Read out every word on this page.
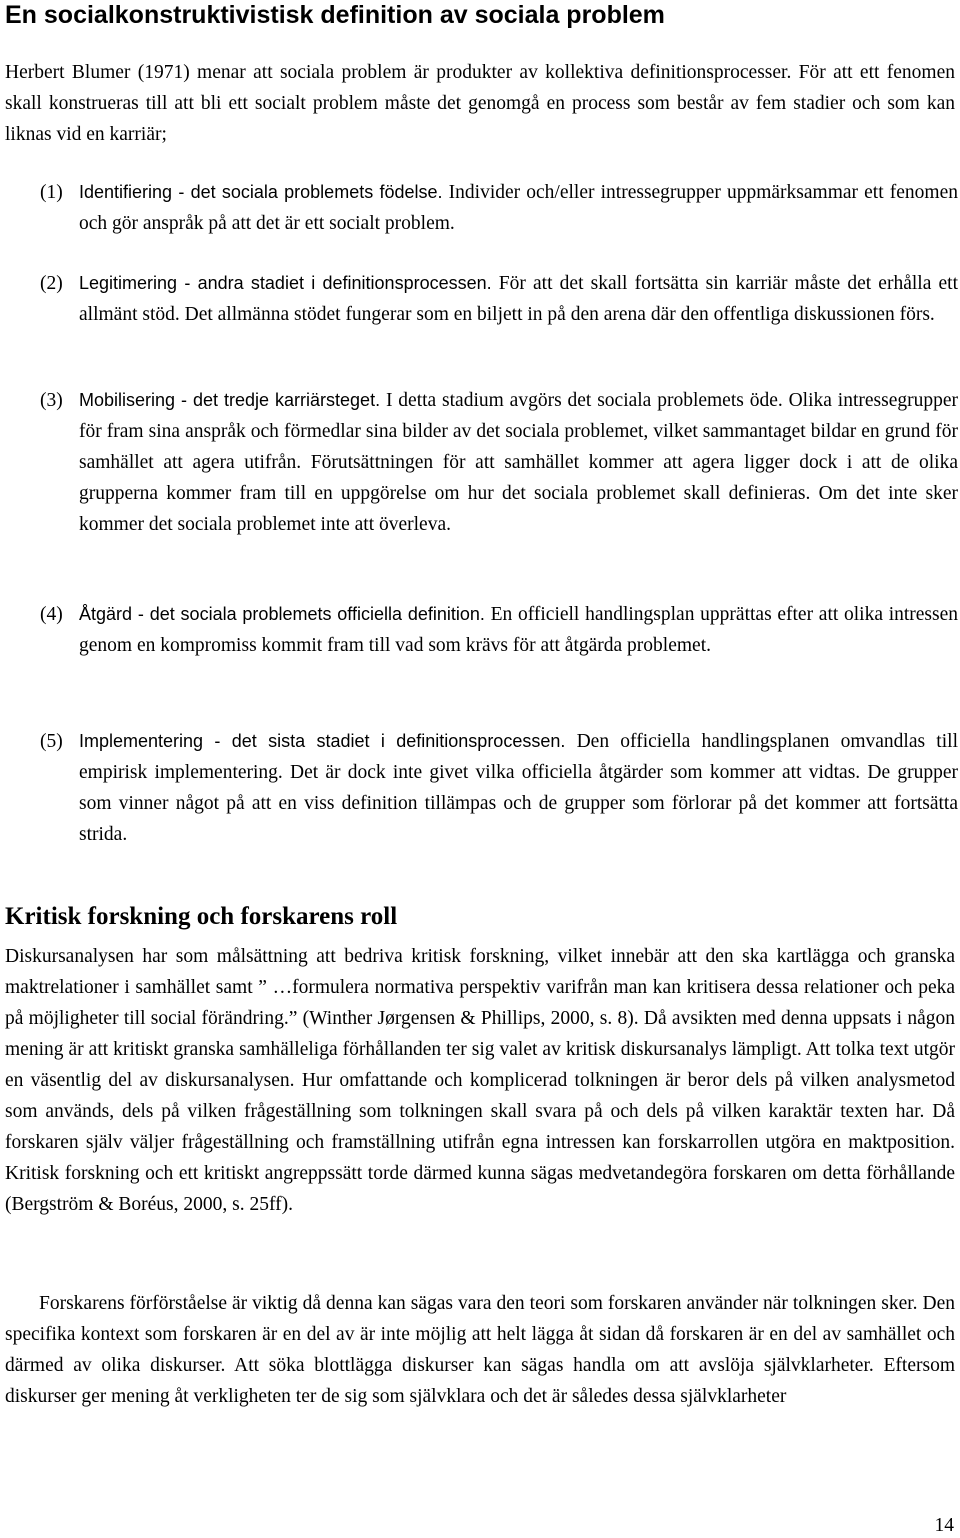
En socialkonstruktivistisk definition av sociala problem

Herbert Blumer (1971) menar att sociala problem är produkter av kollektiva definitionsprocesser. För att ett fenomen skall konstrueras till att bli ett socialt problem måste det genomgå en process som består av fem stadier och som kan liknas vid en karriär;

(1) Identifiering - det sociala problemets födelse. Individer och/eller intressegrupper uppmärksammar ett fenomen och gör anspråk på att det är ett socialt problem.

(2) Legitimering - andra stadiet i definitionsprocessen. För att det skall fortsätta sin karriär måste det erhålla ett allmänt stöd. Det allmänna stödet fungerar som en biljett in på den arena där den offentliga diskussionen förs.

(3) Mobilisering - det tredje karriärsteget. I detta stadium avgörs det sociala problemets öde. Olika intressegrupper för fram sina anspråk och förmedlar sina bilder av det sociala problemet, vilket sammantaget bildar en grund för samhället att agera utifrån. Förutsättningen för att samhället kommer att agera ligger dock i att de olika grupperna kommer fram till en uppgörelse om hur det sociala problemet skall definieras. Om det inte sker kommer det sociala problemet inte att överleva.

(4) Åtgärd - det sociala problemets officiella definition. En officiell handlingsplan upprättas efter att olika intressen genom en kompromiss kommit fram till vad som krävs för att åtgärda problemet.

(5) Implementering - det sista stadiet i definitionsprocessen. Den officiella handlingsplanen omvandlas till empirisk implementering. Det är dock inte givet vilka officiella åtgärder som kommer att vidtas. De grupper som vinner något på att en viss definition tillämpas och de grupper som förlorar på det kommer att fortsätta strida.

Kritisk forskning och forskarens roll

Diskursanalysen har som målsättning att bedriva kritisk forskning, vilket innebär att den ska kartlägga och granska maktrelationer i samhället samt ” …formulera normativa perspektiv varifrån man kan kritisera dessa relationer och peka på möjligheter till social förändring.” (Winther Jørgensen & Phillips, 2000, s. 8). Då avsikten med denna uppsats i någon mening är att kritiskt granska samhälleliga förhållanden ter sig valet av kritisk diskursanalys lämpligt. Att tolka text utgör en väsentlig del av diskursanalysen. Hur omfattande och komplicerad tolkningen är beror dels på vilken analysmetod som används, dels på vilken frågeställning som tolkningen skall svara på och dels på vilken karaktär texten har. Då forskaren själv väljer frågeställning och framställning utifrån egna intressen kan forskarrollen utgöra en maktposition. Kritisk forskning och ett kritiskt angreppssätt torde därmed kunna sägas medvetandegöra forskaren om detta förhållande (Bergström & Boréus, 2000, s. 25ff).

Forskarens förförståelse är viktig då denna kan sägas vara den teori som forskaren använder när tolkningen sker. Den specifika kontext som forskaren är en del av är inte möjlig att helt lägga åt sidan då forskaren är en del av samhället och därmed av olika diskurser. Att söka blottlägga diskurser kan sägas handla om att avslöja självklarheter. Eftersom diskurser ger mening åt verkligheten ter de sig som självklara och det är således dessa självklarheter

14
